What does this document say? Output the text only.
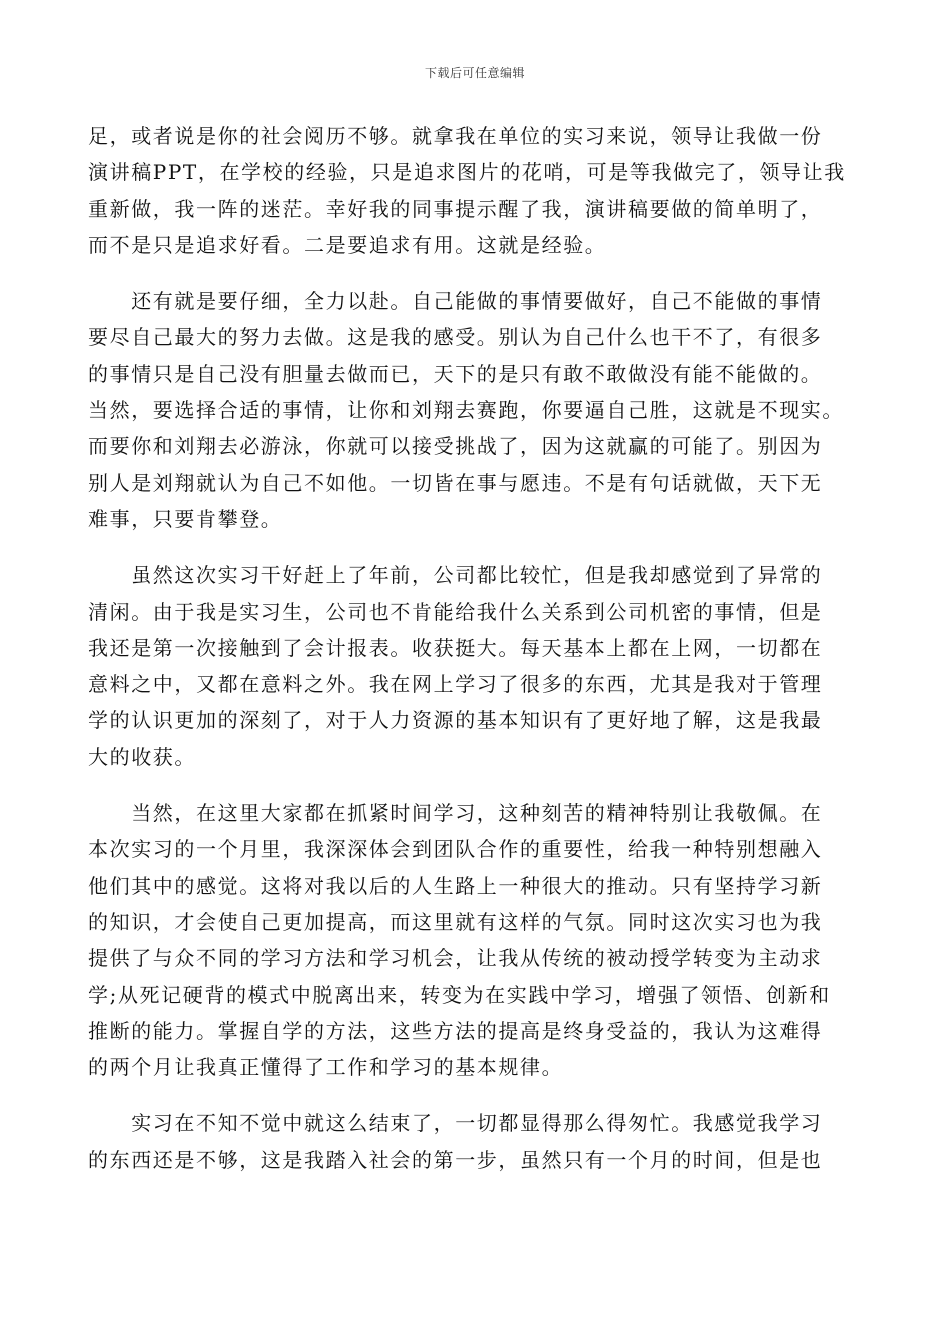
下载后可任意编辑

足，或者说是你的社会阅历不够。就拿我在单位的实习来说，领导让我做一份
演讲稿PPT，在学校的经验，只是追求图片的花哨，可是等我做完了，领导让我
重新做，我一阵的迷茫。幸好我的同事提示醒了我，演讲稿要做的简单明了，
而不是只是追求好看。二是要追求有用。这就是经验。

　　还有就是要仔细，全力以赴。自己能做的事情要做好，自己不能做的事情
要尽自己最大的努力去做。这是我的感受。别认为自己什么也干不了，有很多
的事情只是自己没有胆量去做而已，天下的是只有敢不敢做没有能不能做的。
当然，要选择合适的事情，让你和刘翔去赛跑，你要逼自己胜，这就是不现实。
而要你和刘翔去必游泳，你就可以接受挑战了，因为这就赢的可能了。别因为
别人是刘翔就认为自己不如他。一切皆在事与愿违。不是有句话就做，天下无
难事，只要肯攀登。

　　虽然这次实习干好赶上了年前，公司都比较忙，但是我却感觉到了异常的
清闲。由于我是实习生，公司也不肯能给我什么关系到公司机密的事情，但是
我还是第一次接触到了会计报表。收获挺大。每天基本上都在上网，一切都在
意料之中，又都在意料之外。我在网上学习了很多的东西，尤其是我对于管理
学的认识更加的深刻了，对于人力资源的基本知识有了更好地了解，这是我最
大的收获。

　　当然，在这里大家都在抓紧时间学习，这种刻苦的精神特别让我敬佩。在
本次实习的一个月里，我深深体会到团队合作的重要性，给我一种特别想融入
他们其中的感觉。这将对我以后的人生路上一种很大的推动。只有坚持学习新
的知识，才会使自己更加提高，而这里就有这样的气氛。同时这次实习也为我
提供了与众不同的学习方法和学习机会，让我从传统的被动授学转变为主动求
学;从死记硬背的模式中脱离出来，转变为在实践中学习，增强了领悟、创新和
推断的能力。掌握自学的方法，这些方法的提高是终身受益的，我认为这难得
的两个月让我真正懂得了工作和学习的基本规律。

　　实习在不知不觉中就这么结束了，一切都显得那么得匆忙。我感觉我学习
的东西还是不够，这是我踏入社会的第一步，虽然只有一个月的时间，但是也
